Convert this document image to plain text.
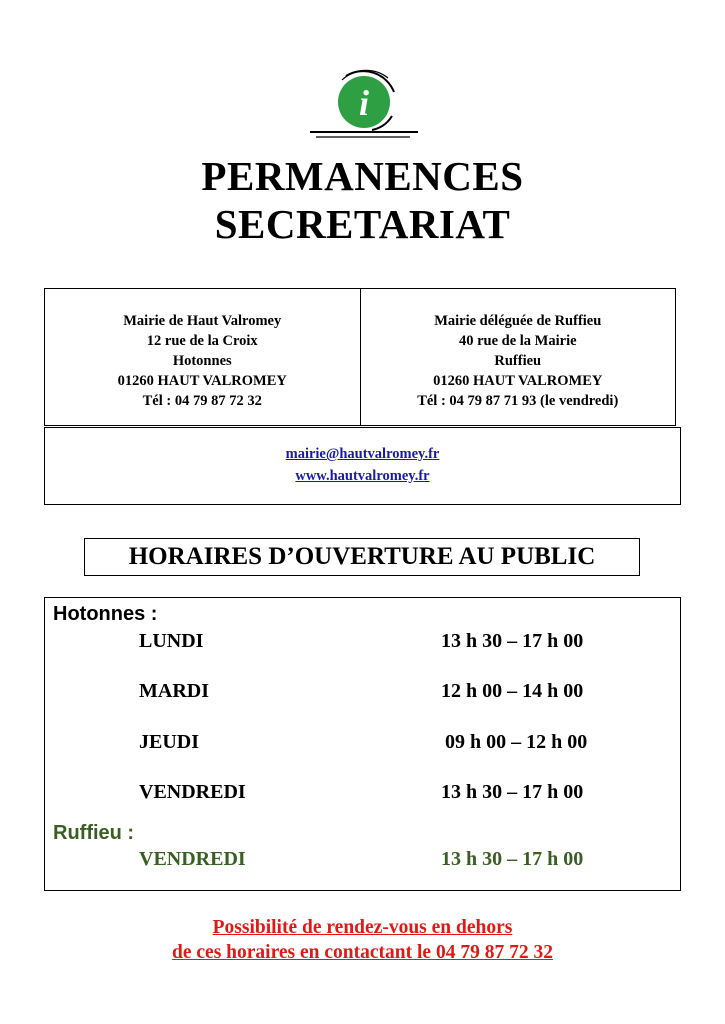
i
PERMANENCES
SECRETARIAT
Mairie de Haut Valromey
12 rue de la Croix
Hotonnes
01260 HAUT VALROMEY
Tél : 04 79 87 72 32
Mairie déléguée de Ruffieu
40 rue de la Mairie
Ruffieu
01260 HAUT VALROMEY
Tél : 04 79 87 71 93 (le vendredi)
mairie@hautvalromey.fr
www.hautvalromey.fr
HORAIRES D’OUVERTURE AU PUBLIC
Hotonnes :
LUNDI	13 h 30 – 17 h 00
MARDI	12 h 00 – 14 h 00
JEUDI	09 h 00 – 12 h 00
VENDREDI	13 h 30 – 17 h 00
Ruffieu :
VENDREDI	13 h 30 – 17 h 00
Possibilité de rendez-vous en dehors
de ces horaires en contactant le 04 79 87 72 32
